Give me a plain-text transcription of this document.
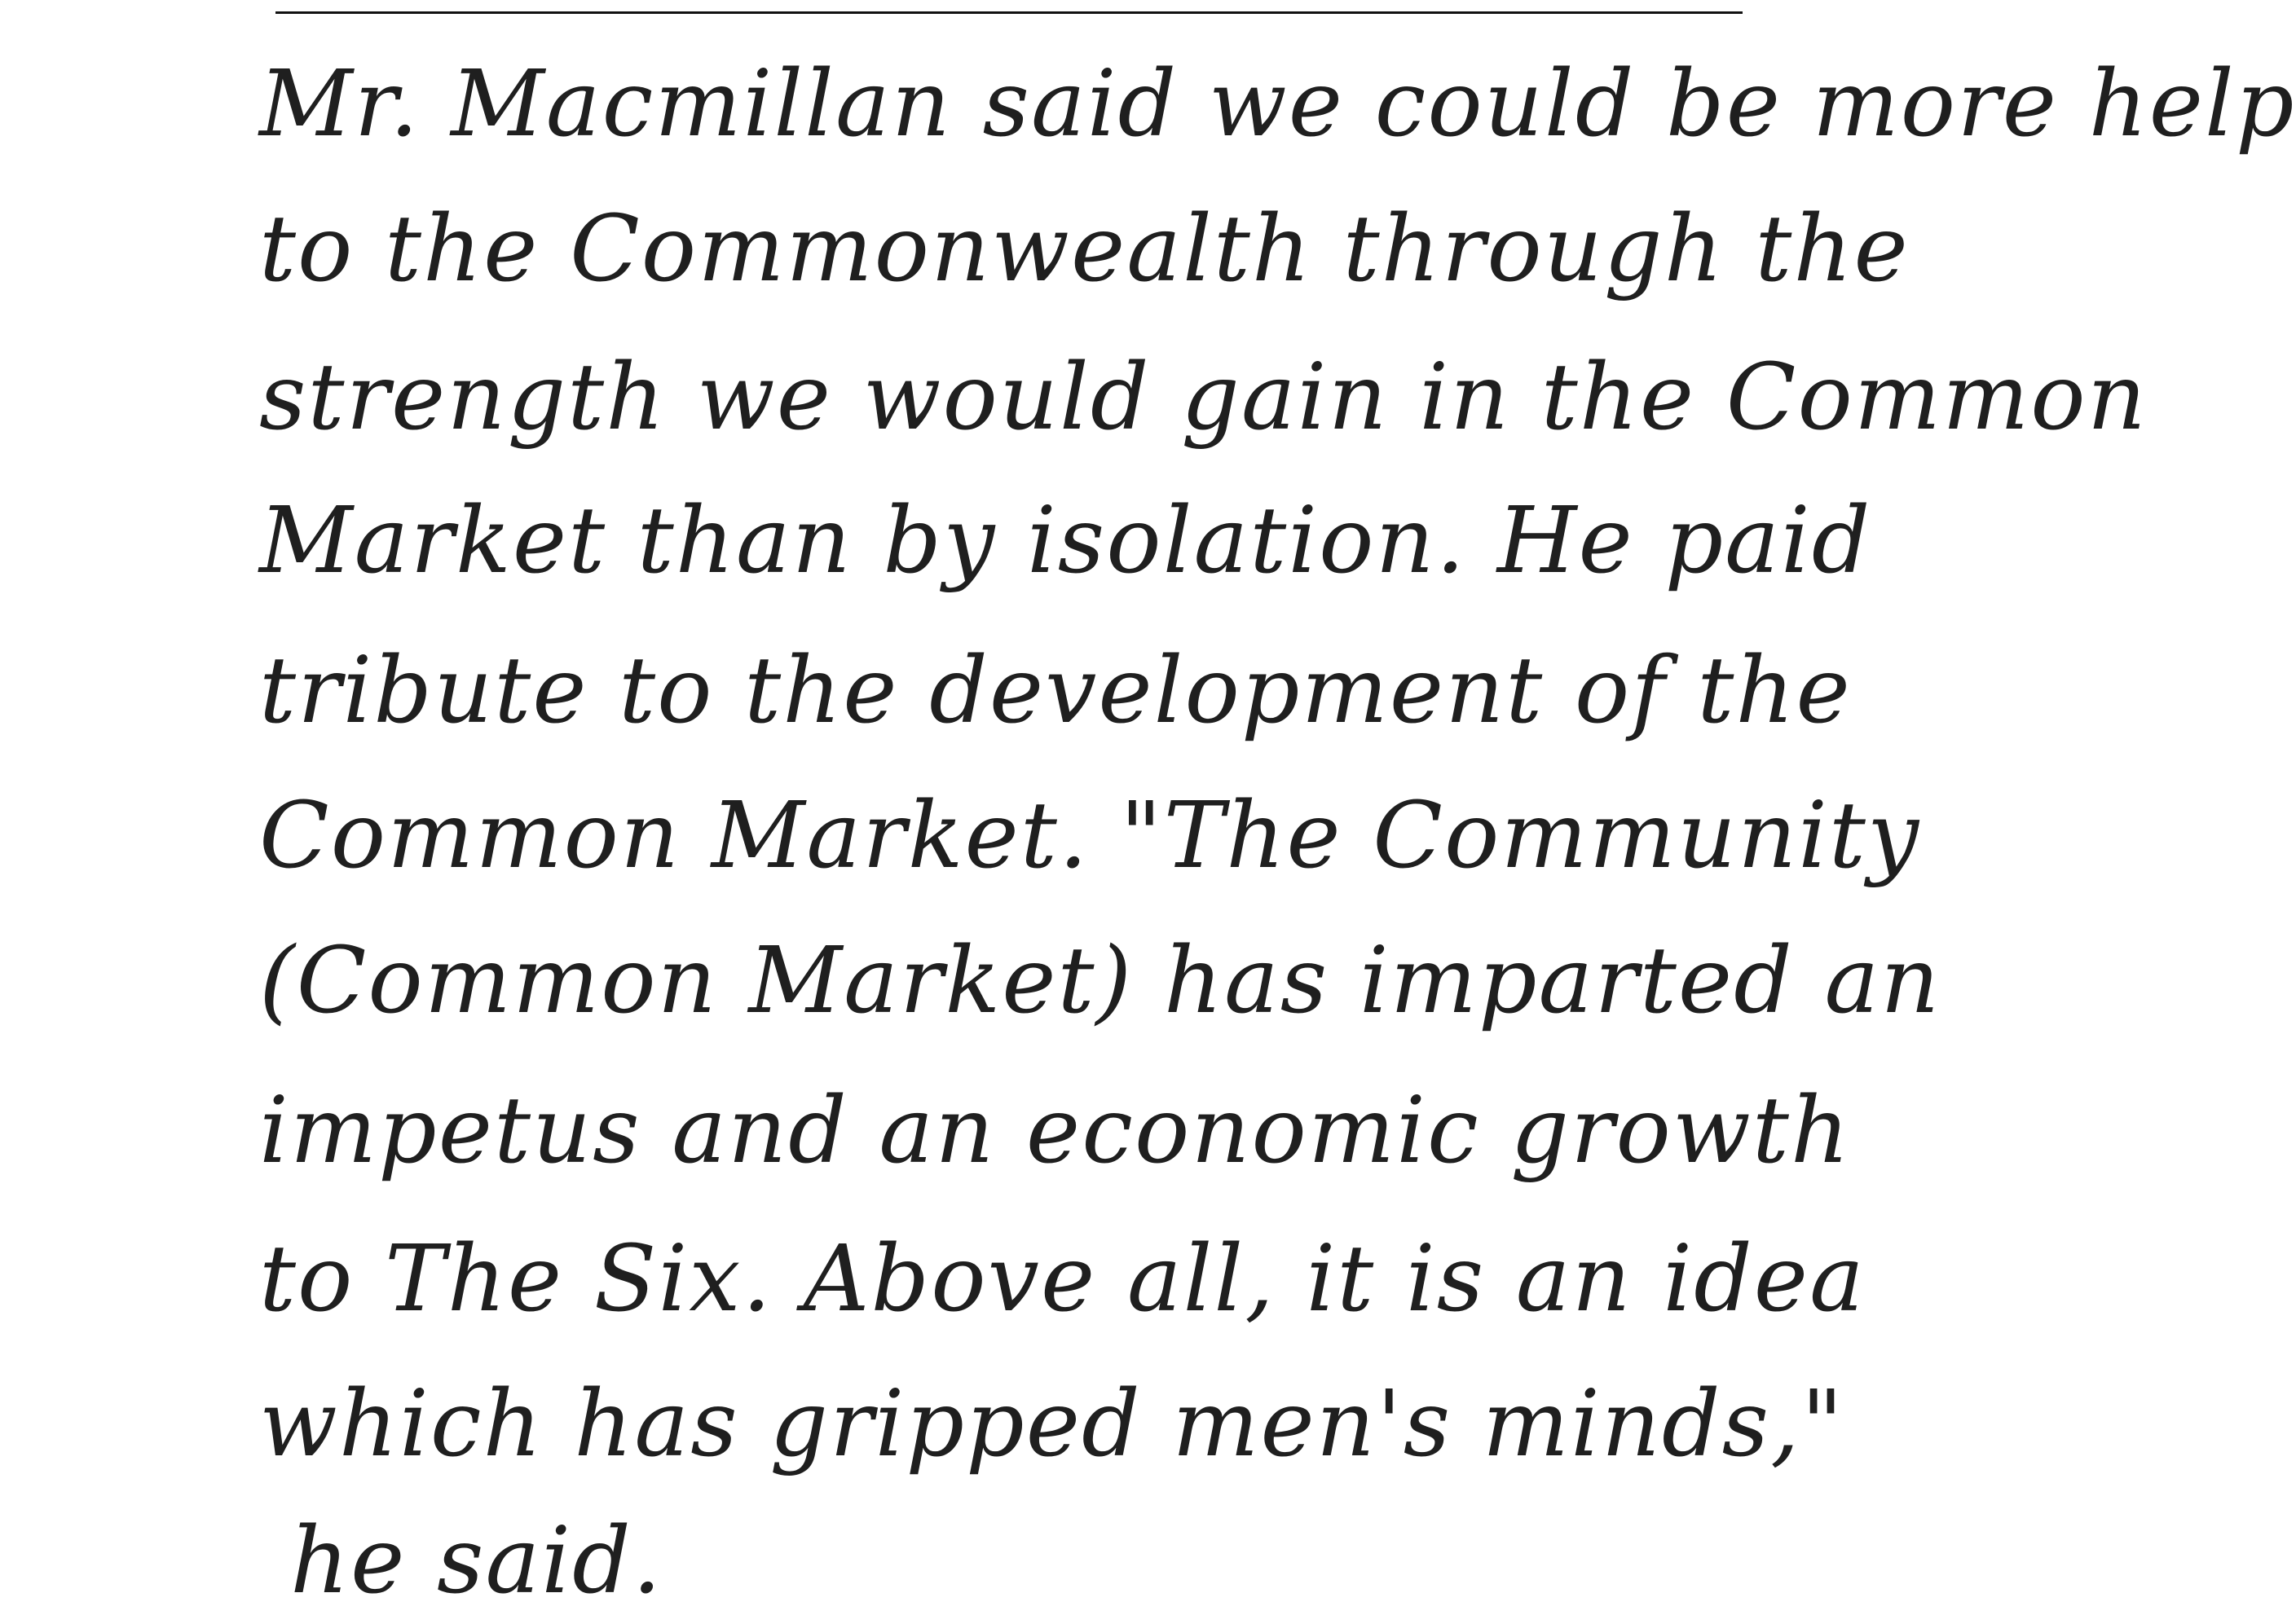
Mr. Macmillan said we could be more help
to the Commonwealth through the
strength we would gain in the Common
Market than by isolation. He paid
tribute to the development of the
Common Market. "The Community
(Common Market) has imparted an
impetus and an economic growth
to The Six. Above all, it is an idea
which has gripped men's minds,"
he said.
